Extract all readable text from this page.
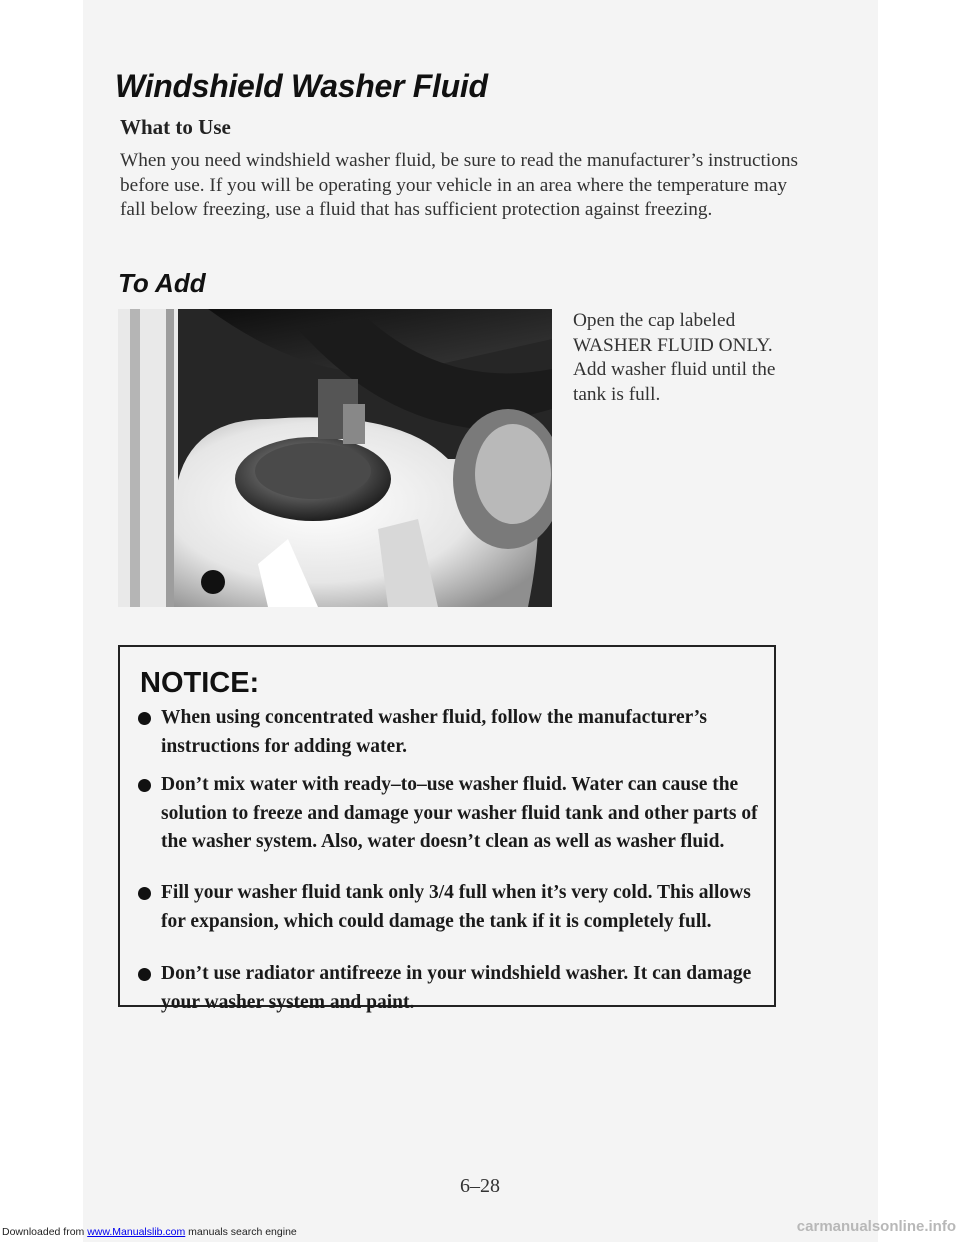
Windshield Washer Fluid
What to Use

When you need windshield washer fluid, be sure to read the manufacturer’s instructions before use. If you will be operating your vehicle in an area where the temperature may fall below freezing, use a fluid that has sufficient protection against freezing.

To Add

Open the cap labeled WASHER FLUID ONLY. Add washer fluid until the tank is full.

NOTICE:

When using concentrated washer fluid, follow the manufacturer’s instructions for adding water.

Don’t mix water with ready–to–use washer fluid. Water can cause the solution to freeze and damage your washer fluid tank and other parts of the washer system. Also, water doesn’t clean as well as washer fluid.

Fill your washer fluid tank only 3/4 full when it’s very cold. This allows for expansion, which could damage the tank if it is completely full.

Don’t use radiator antifreeze in your windshield washer. It can damage your washer system and paint.

6–28

Downloaded from www.Manualslib.com manuals search engine	carmanualsonline.info
